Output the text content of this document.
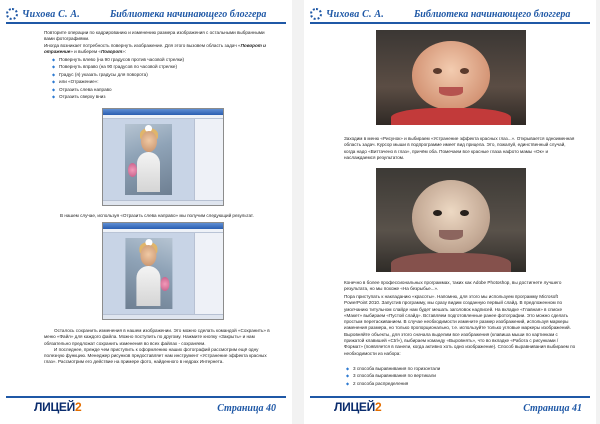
Чихова С. А.	Библиотека начинающего блоггера
Повторите операции по кадрированию и изменению размера изображения с остальными выбранными вами фотографиями.
Иногда возникает потребность повернуть изображение. Для этого вызовем область задач «Поворот и отражение» и выберем «Поворот»:
◆ Повернуть влево (на 90 градусов против часовой стрелки)
◆ Повернуть вправо (на 90 градусов по часовой стрелке)
◆ Градус (я) указать градусы для поворота)
◆ или «Отражение»:
◆ Отразить слева направо
◆ Отразить сверху вниз
В нашем случае, используя «Отразить слева направо» мы получим следующий результат.

Осталось сохранить изменения в нашем изображении. Это можно сделать командой «Сохранить» в меню «Файл» для каждого файла. Можно поступить по другому. Нажмите кнопку «Закрыть» и нам обязательно предложат сохранить изменения во всех файлах - сохраняем.

И последнее, прежде чем приступить к оформлению наших фотографий рассмотрим ещё одну полезную функцию. Менеджер рисунков предоставляет нам инструмент «Устранение эффекта красных глаз». Рассмотрим его действие на примере фото, найденного в недрах Интернета.

ЛИЦЕЙ2	Страница 40
Чихова С. А.	Библиотека начинающего блоггера
Заходим в меню «Рисунок» и выбираем «Устранение эффекта красных глаз...». Открывается одноименная область задач. Курсор мыши в подпрограмме имеет вид прицела. Это, пожалуй, единственный случай, когда надо «Виттачено в глаз», причём оба. Помечаем все красные глаза нафото мамы «Ок» и наслаждаемся результатом.
Конечно в более профессиональных программах, таких как Adobe Photoshop, вы достигнете лучшего результата, но мы похоже «На безрыбье...».
Пора приступать к накладанию «красоты». Напомню, для этого мы используем программу Microsoft PowerPoint 2010. Запустив программу, мы сразу видим созданную первый слайд. В предложенном по умолчанию титульном слайде нам будет мешать заголовок надписей. На вкладке «Главная» в списке «Макет» выбираем «Пустой слайд». Вставляем подготовленные ранее фотографии. Это можно сделать простым перетаскиванием. В случае необходимости измените размер изображений, используя маркеры изменения размера, но только пропорционально, т.е. используйте только угловые маркеры изображений. Выровняйте объекты, для этого сначала выделим все изображения (клавиша мыши по картинкам с прижатой клавишей «Ctrl»), выбираем команду «Выровнять», что во вкладке «Работа с рисунками / Формат» (появляется в панели, когда активно хоть одно изображение). Способ выравнивания выбираем по необходимости из набора:
◆ 3 способа выравнивания по горизонтали
◆ 3 способа выравнивания по вертикали
◆ 2 способа распределения
ЛИЦЕЙ2	Страница 41
